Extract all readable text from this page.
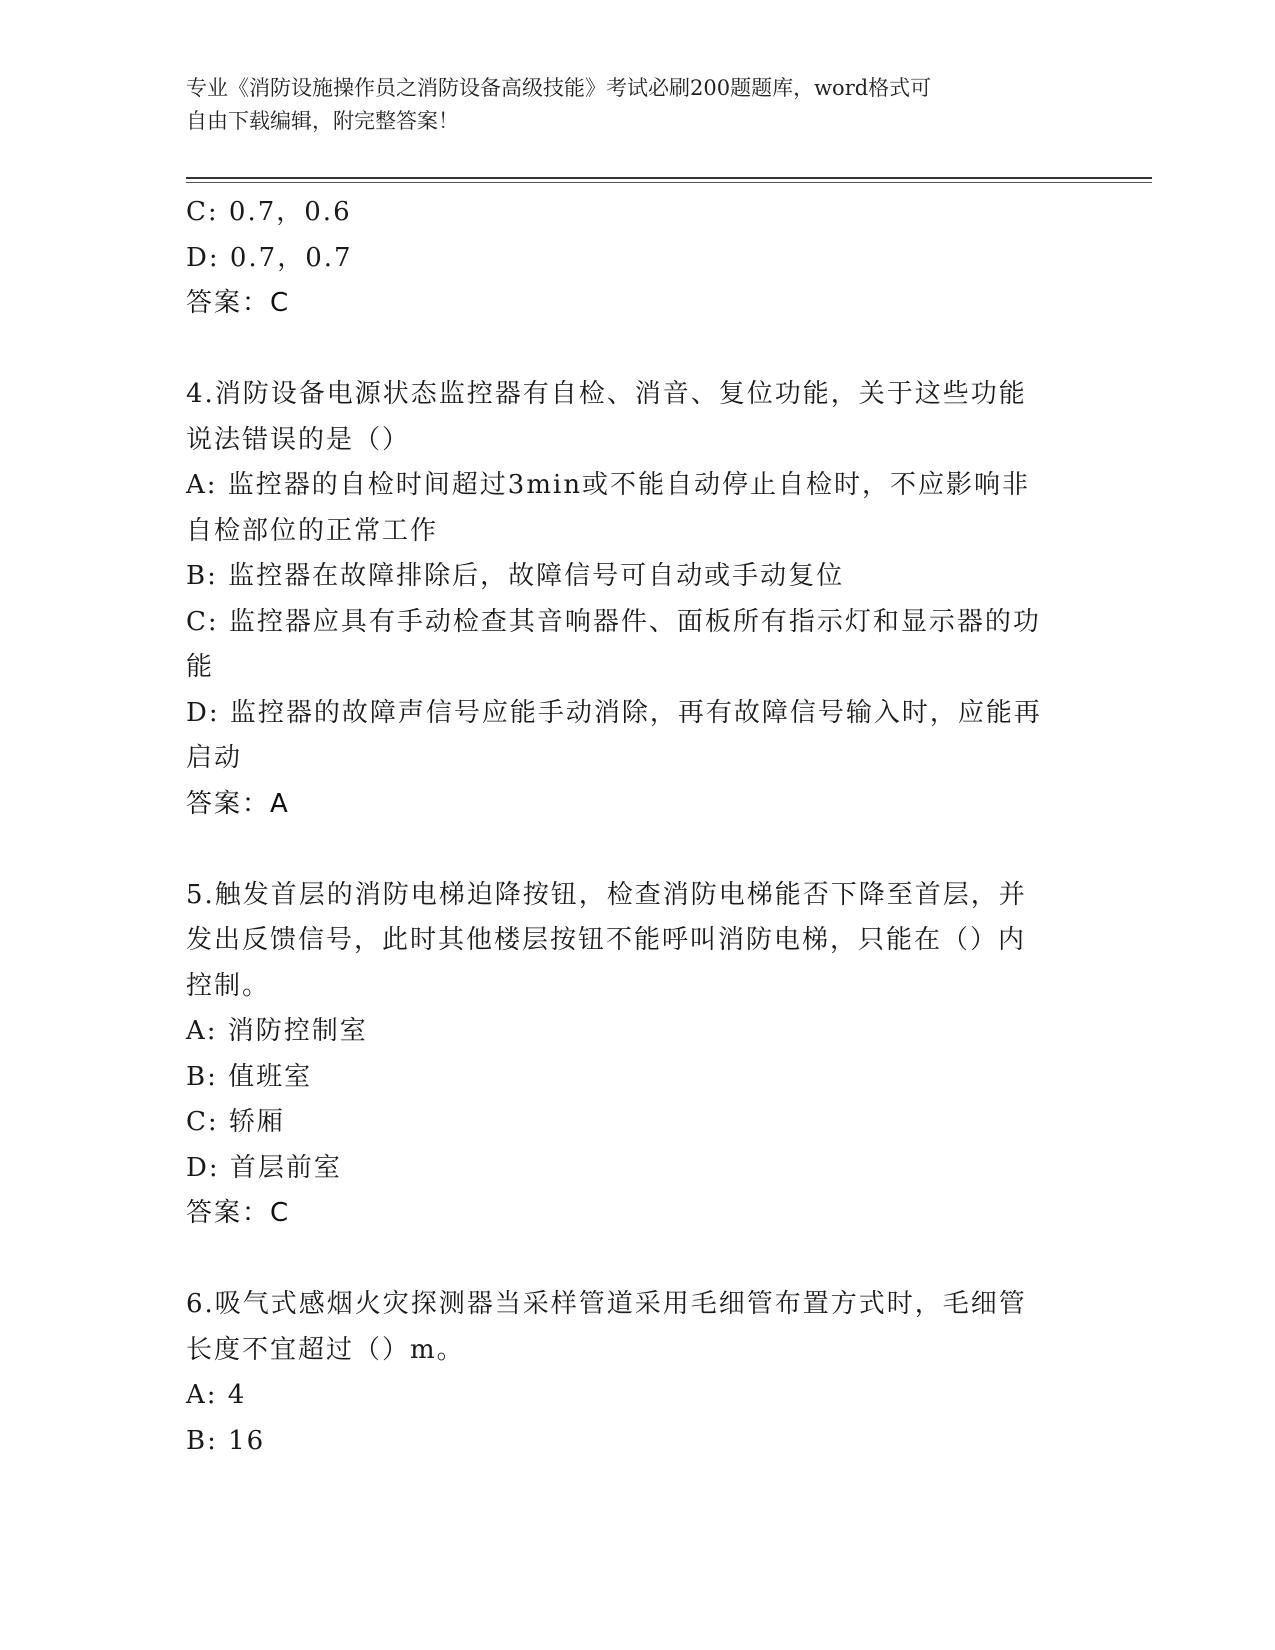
专业《消防设施操作员之消防设备高级技能》考试必刷200题题库，word格式可
自由下载编辑，附完整答案！
C: 0.7，0.6
D: 0.7，0.7
答案：C
4.消防设备电源状态监控器有自检、消音、复位功能，关于这些功能
说法错误的是（）
A: 监控器的自检时间超过3min或不能自动停止自检时，不应影响非
自检部位的正常工作
B: 监控器在故障排除后，故障信号可自动或手动复位
C: 监控器应具有手动检查其音响器件、面板所有指示灯和显示器的功
能
D: 监控器的故障声信号应能手动消除，再有故障信号输入时，应能再
启动
答案：A
5.触发首层的消防电梯迫降按钮，检查消防电梯能否下降至首层，并
发出反馈信号，此时其他楼层按钮不能呼叫消防电梯，只能在（）内
控制。
A: 消防控制室
B: 值班室
C: 轿厢
D: 首层前室
答案：C
6.吸气式感烟火灾探测器当采样管道采用毛细管布置方式时，毛细管
长度不宜超过（）m。
A: 4
B: 16
